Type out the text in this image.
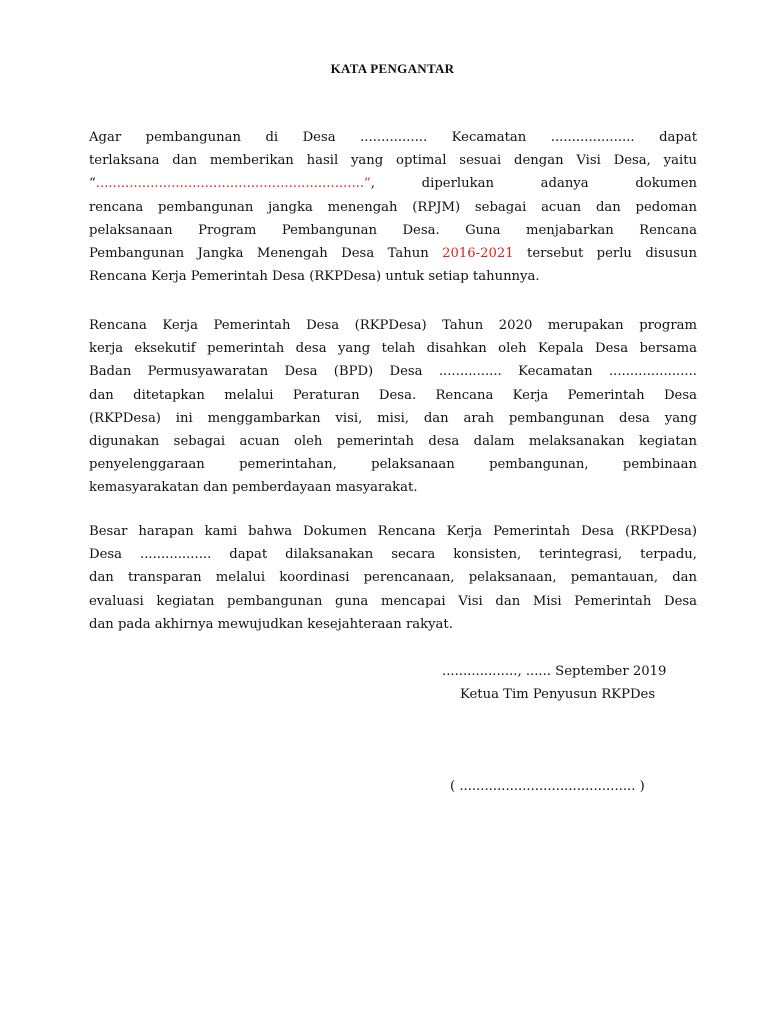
KATA PENGANTAR
Agar pembangunan di Desa ................ Kecamatan .................... dapat
terlaksana dan memberikan hasil yang optimal sesuai dengan Visi Desa, yaitu
“................................................................”, diperlukan adanya dokumen
rencana pembangunan jangka menengah (RPJM) sebagai acuan dan pedoman
pelaksanaan Program Pembangunan Desa. Guna menjabarkan Rencana
Pembangunan Jangka Menengah Desa Tahun 2016-2021 tersebut perlu disusun
Rencana Kerja Pemerintah Desa (RKPDesa) untuk setiap tahunnya.
Rencana Kerja Pemerintah Desa (RKPDesa) Tahun 2020 merupakan program
kerja eksekutif pemerintah desa yang telah disahkan oleh Kepala Desa bersama
Badan Permusyawaratan Desa (BPD) Desa ............... Kecamatan .....................
dan ditetapkan melalui Peraturan Desa. Rencana Kerja Pemerintah Desa
(RKPDesa) ini menggambarkan visi, misi, dan arah pembangunan desa yang
digunakan sebagai acuan oleh pemerintah desa dalam melaksanakan kegiatan
penyelenggaraan pemerintahan, pelaksanaan pembangunan, pembinaan
kemasyarakatan dan pemberdayaan masyarakat.
Besar harapan kami bahwa Dokumen Rencana Kerja Pemerintah Desa (RKPDesa)
Desa ................. dapat dilaksanakan secara konsisten, terintegrasi, terpadu,
dan transparan melalui koordinasi perencanaan, pelaksanaan, pemantauan, dan
evaluasi kegiatan pembangunan guna mencapai Visi dan Misi Pemerintah Desa
dan pada akhirnya mewujudkan kesejahteraan rakyat.
.................., ...... September 2019
Ketua Tim Penyusun RKPDes
( .......................................... )
